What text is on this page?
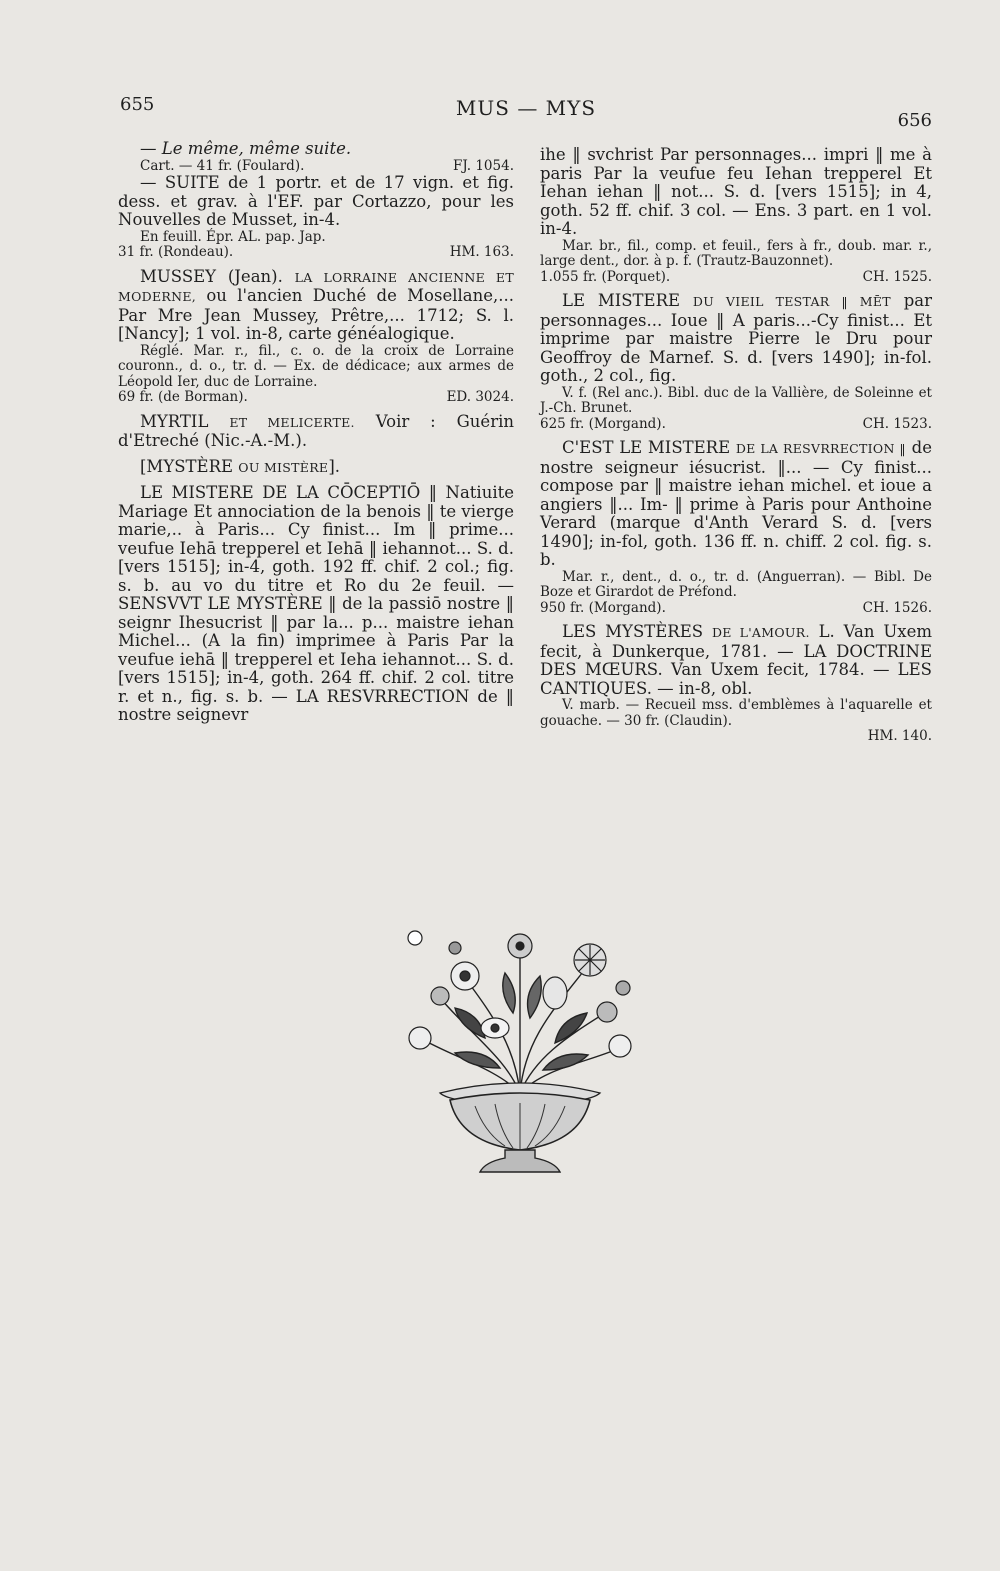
655	MUS — MYS
656

— Le même, même suite.

Cart. — 41 fr. (Foulard).	FJ. 1054.

— SUITE de 1 portr. et de 17 vign. et fig. dess. et grav. à l'EF. par Cortazzo, pour les Nouvelles de Musset, in-4.

En feuill. Épr. AL. pap. Jap.

31 fr. (Rondeau).	HM. 163.

MUSSEY (Jean). LA LORRAINE ANCIENNE ET MODERNE, ou l'ancien Duché de Mosellane,... Par Mre Jean Mussey, Prêtre,... 1712; S. l. [Nancy]; 1 vol. in-8, carte généalogique.

Réglé. Mar. r., fil., c. o. de la croix de Lorraine couronn., d. o., tr. d. — Ex. de dédicace; aux armes de Léopold Ier, duc de Lorraine.

69 fr. (de Borman).	ED. 3024.

MYRTIL ET MELICERTE. Voir : Guérin d'Etreché (Nic.-A.-M.).

[MYSTÈRE OU MISTÈRE].

LE MISTERE DE LA CŌCEPTIŌ ‖ Natiuite Mariage Et annociation de la benois ‖ te vierge marie,.. à Paris... Cy finist... Im ‖ prime... veufue Iehā trepperel et Iehā ‖ iehannot... S. d. [vers 1515]; in-4, goth. 192 ff. chif. 2 col.; fig. s. b. au vo du titre et Ro du 2e feuil. — SENSVVT LE MYSTÈRE ‖ de la passiō nostre ‖ seignr Ihesucrist ‖ par la... p... maistre iehan Michel... (A la fin) imprimee à Paris Par la veufue iehā ‖ trepperel et Ieha iehannot... S. d. [vers 1515]; in-4, goth. 264 ff. chif. 2 col. titre r. et n., fig. s. b. — LA RESVRRECTION de ‖ nostre seignevr

ihe ‖ svchrist Par personnages... impri ‖ me à paris Par la veufue feu Iehan trepperel Et Iehan iehan ‖ not... S. d. [vers 1515]; in 4, goth. 52 ff. chif. 3 col. — Ens. 3 part. en 1 vol. in-4.

Mar. br., fil., comp. et feuil., fers à fr., doub. mar. r., large dent., dor. à p. f. (Trautz-Bauzonnet).

1.055 fr. (Porquet).	CH. 1525.

LE MISTERE DU VIEIL TESTAR ‖ MĒT par personnages... Ioue ‖ A paris...-Cy finist... Et imprime par maistre Pierre le Dru pour Geoffroy de Marnef. S. d. [vers 1490]; in-fol. goth., 2 col., fig.

V. f. (Rel anc.). Bibl. duc de la Vallière, de Soleinne et J.-Ch. Brunet.

625 fr. (Morgand).	CH. 1523.

C'EST LE MISTERE DE LA RESVRRECTION ‖ de nostre seigneur iésucrist. ‖... — Cy finist... compose par ‖ maistre iehan michel. et ioue a angiers ‖... Im- ‖ prime à Paris pour Anthoine Verard (marque d'Anth Verard S. d. [vers 1490]; in-fol, goth. 136 ff. n. chiff. 2 col. fig. s. b.

Mar. r., dent., d. o., tr. d. (Anguerran). — Bibl. De Boze et Girardot de Préfond.

950 fr. (Morgand).	CH. 1526.

LES MYSTÈRES DE L'AMOUR. L. Van Uxem fecit, à Dunkerque, 1781. — LA DOCTRINE DES MŒURS. Van Uxem fecit, 1784. — LES CANTIQUES. — in-8, obl.

V. marb. — Recueil mss. d'emblèmes à l'aquarelle et gouache. — 30 fr. (Claudin).

HM. 140.
